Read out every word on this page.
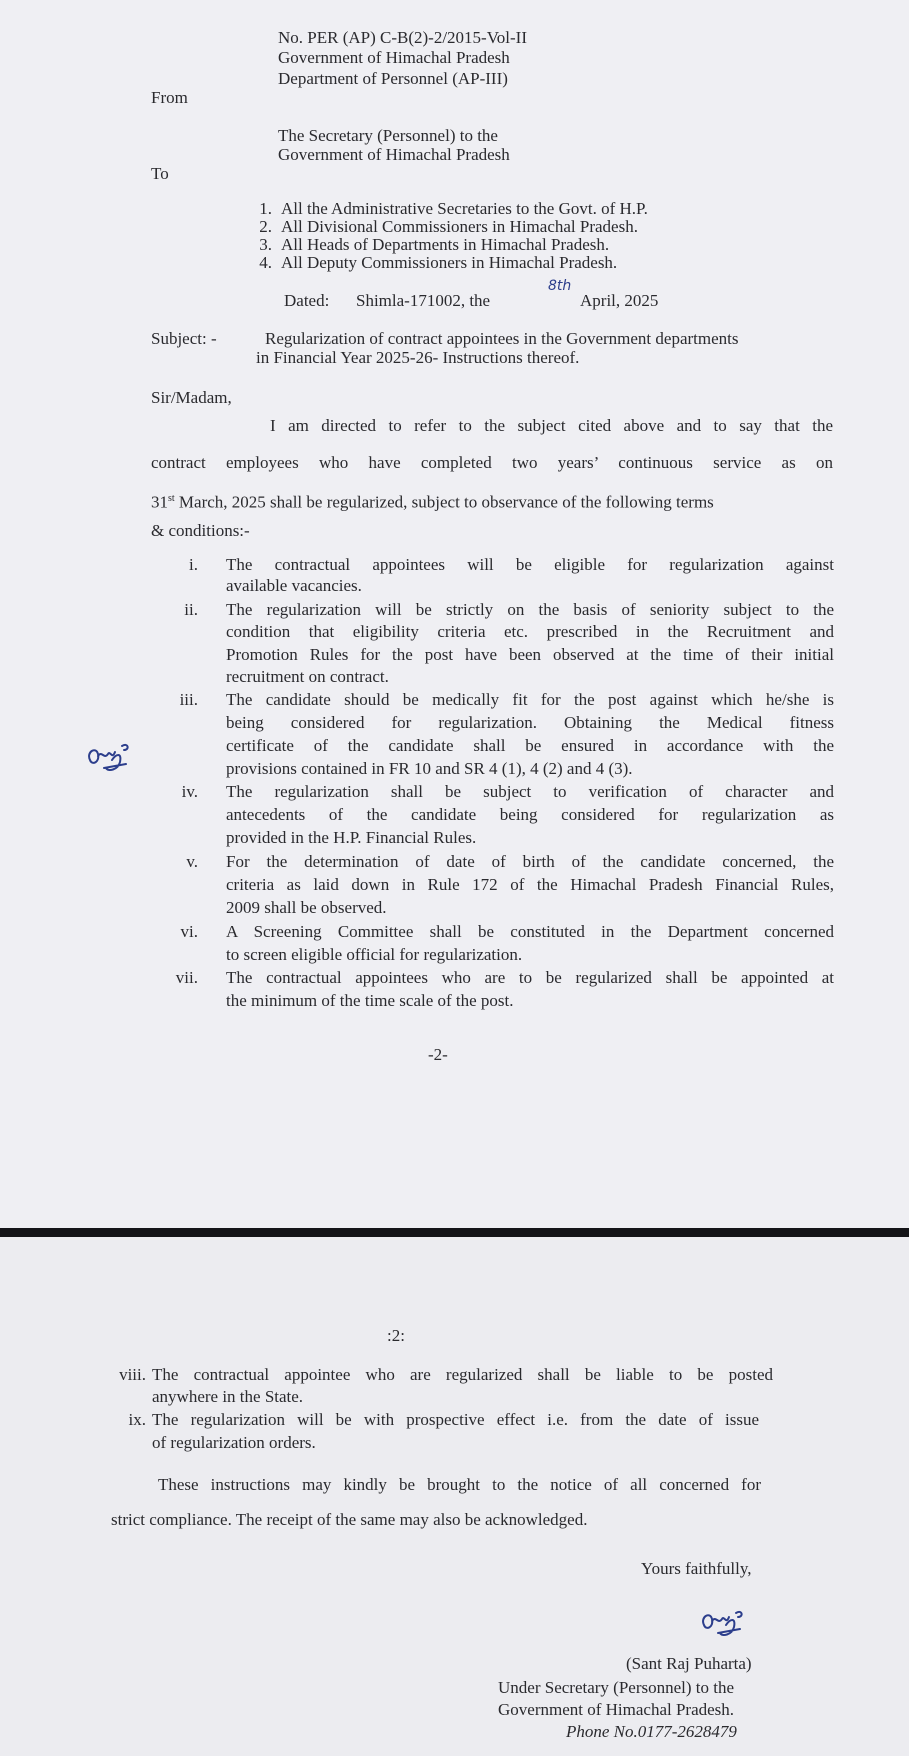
No. PER (AP) C-B(2)-2/2015-Vol-II
Government of Himachal Pradesh
Department of Personnel (AP-III)
From
The Secretary (Personnel) to the
Government of Himachal Pradesh
To
1. All the Administrative Secretaries to the Govt. of H.P.
2. All Divisional Commissioners in Himachal Pradesh.
3. All Heads of Departments in Himachal Pradesh.
4. All Deputy Commissioners in Himachal Pradesh.
Dated: Shimla-171002, the
8th
April, 2025
Subject: -	Regularization of contract appointees in the Government departments
in Financial Year 2025-26- Instructions thereof.
Sir/Madam,
I am directed to refer to the subject cited above and to say that the
contract employees who have completed two years’ continuous service as on
31st March, 2025 shall be regularized, subject to observance of the following terms
& conditions:-
i. The contractual appointees will be eligible for regularization against
available vacancies.
ii. The regularization will be strictly on the basis of seniority subject to the
condition that eligibility criteria etc. prescribed in the Recruitment and
Promotion Rules for the post have been observed at the time of their initial
recruitment on contract.
iii. The candidate should be medically fit for the post against which he/she is
being considered for regularization. Obtaining the Medical fitness
certificate of the candidate shall be ensured in accordance with the
provisions contained in FR 10 and SR 4 (1), 4 (2) and 4 (3).
iv. The regularization shall be subject to verification of character and
antecedents of the candidate being considered for regularization as
provided in the H.P. Financial Rules.
v. For the determination of date of birth of the candidate concerned, the
criteria as laid down in Rule 172 of the Himachal Pradesh Financial Rules,
2009 shall be observed.
vi. A Screening Committee shall be constituted in the Department concerned
to screen eligible official for regularization.
vii. The contractual appointees who are to be regularized shall be appointed at
the minimum of the time scale of the post.
-2-
:2:
viii. The contractual appointee who are regularized shall be liable to be posted
anywhere in the State.
ix. The regularization will be with prospective effect i.e. from the date of issue
of regularization orders.
These instructions may kindly be brought to the notice of all concerned for
strict compliance. The receipt of the same may also be acknowledged.
Yours faithfully,
(Sant Raj Puharta)
Under Secretary (Personnel) to the
Government of Himachal Pradesh.
Phone No.0177-2628479
